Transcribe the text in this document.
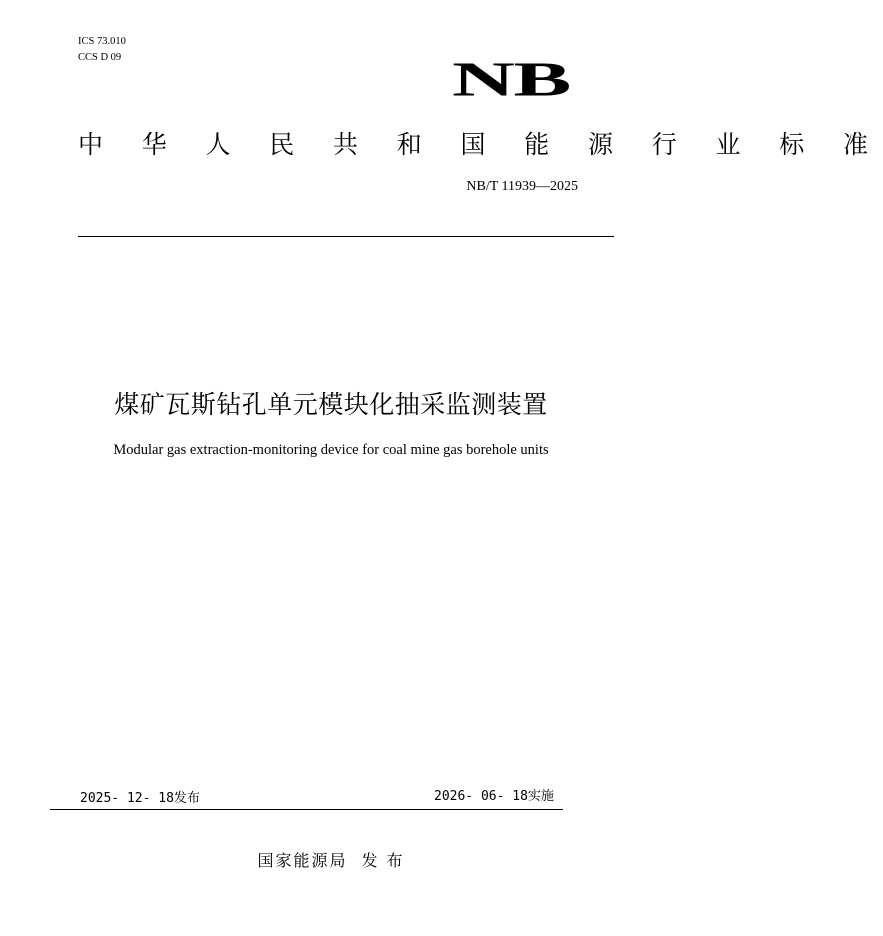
ICS 73.010
CCS D 09	NB
中 华 人 民 共 和 国 能 源 行 业 标 准
NB/T 11939—2025
煤矿瓦斯钻孔单元模块化抽采监测装置
Modular gas extraction-monitoring device for coal mine gas borehole units
2025- 12- 18发布	2026- 06- 18实施
国家能源局 发 布
